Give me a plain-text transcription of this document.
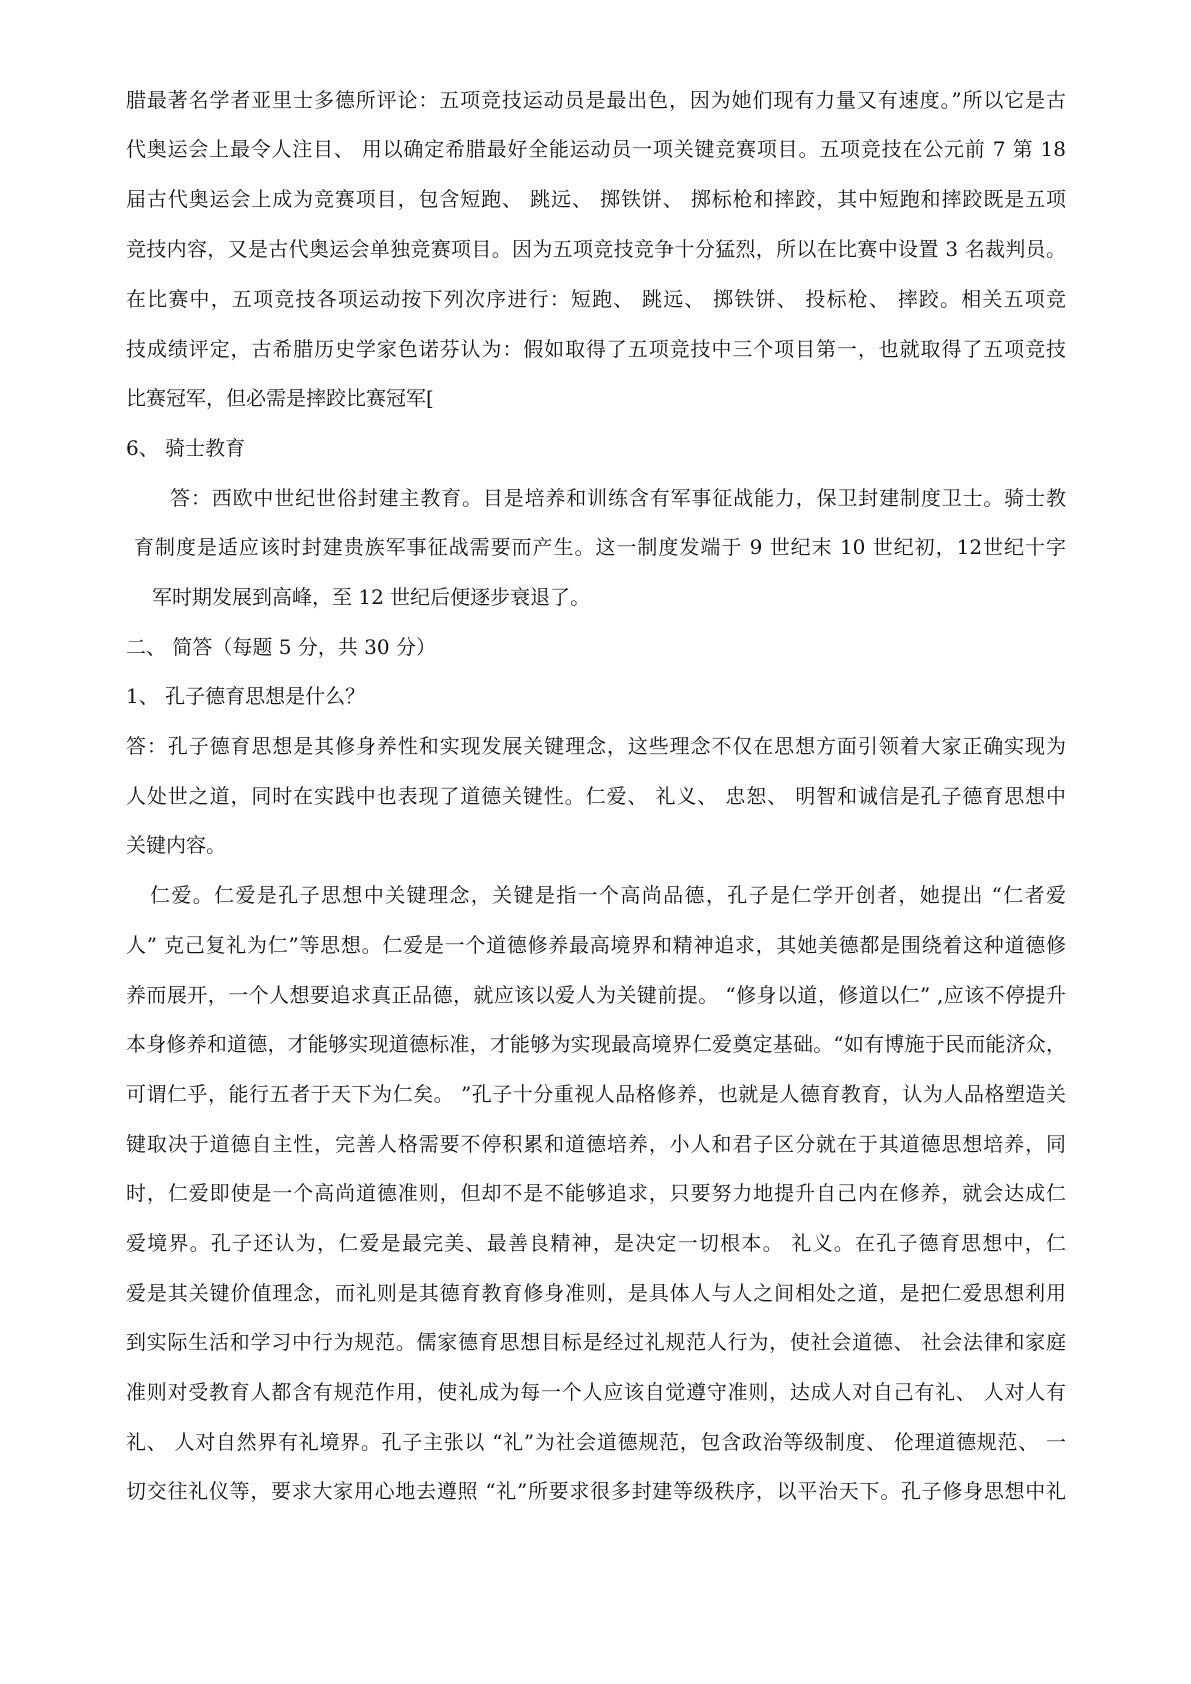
腊最著名学者亚里士多德所评论：五项竞技运动员是最出色，因为她们现有力量又有速度。”所以它是古
代奥运会上最令人注目、 用以确定希腊最好全能运动员一项关键竞赛项目。五项竞技在公元前 7 第 18
届古代奥运会上成为竞赛项目，包含短跑、 跳远、 掷铁饼、 掷标枪和摔跤，其中短跑和摔跤既是五项
竞技内容，又是古代奥运会单独竞赛项目。因为五项竞技竞争十分猛烈，所以在比赛中设置 3 名裁判员。
在比赛中，五项竞技各项运动按下列次序进行：短跑、 跳远、 掷铁饼、 投标枪、 摔跤。相关五项竞
技成绩评定，古希腊历史学家色诺芬认为：假如取得了五项竞技中三个项目第一，也就取得了五项竞技
比赛冠军，但必需是摔跤比赛冠军[
6、 骑士教育
答：西欧中世纪世俗封建主教育。目是培养和训练含有军事征战能力，保卫封建制度卫士。骑士教
育制度是适应该时封建贵族军事征战需要而产生。这一制度发端于 9 世纪末 10 世纪初，12世纪十字
军时期发展到高峰，至 12 世纪后便逐步衰退了。
二、 简答（每题 5 分，共 30 分）
1、 孔子德育思想是什么？
答：孔子德育思想是其修身养性和实现发展关键理念，这些理念不仅在思想方面引领着大家正确实现为
人处世之道，同时在实践中也表现了道德关键性。仁爱、 礼义、 忠恕、 明智和诚信是孔子德育思想中
关键内容。
仁爱。仁爱是孔子思想中关键理念，关键是指一个高尚品德，孔子是仁学开创者，她提出 “仁者爱
人” 克己复礼为仁”等思想。仁爱是一个道德修养最高境界和精神追求，其她美德都是围绕着这种道德修
养而展开，一个人想要追求真正品德，就应该以爱人为关键前提。 “修身以道，修道以仁” ,应该不停提升
本身修养和道德，才能够实现道德标准，才能够为实现最高境界仁爱奠定基础。“如有博施于民而能济众，
可谓仁乎，能行五者于天下为仁矣。 ”孔子十分重视人品格修养，也就是人德育教育，认为人品格塑造关
键取决于道德自主性，完善人格需要不停积累和道德培养，小人和君子区分就在于其道德思想培养，同
时，仁爱即使是一个高尚道德准则，但却不是不能够追求，只要努力地提升自己内在修养，就会达成仁
爱境界。孔子还认为，仁爱是最完美、最善良精神，是决定一切根本。 礼义。在孔子德育思想中，仁
爱是其关键价值理念，而礼则是其德育教育修身准则，是具体人与人之间相处之道，是把仁爱思想利用
到实际生活和学习中行为规范。儒家德育思想目标是经过礼规范人行为，使社会道德、 社会法律和家庭
准则对受教育人都含有规范作用，使礼成为每一个人应该自觉遵守准则，达成人对自己有礼、 人对人有
礼、 人对自然界有礼境界。孔子主张以 “礼”为社会道德规范，包含政治等级制度、 伦理道德规范、 一
切交往礼仪等，要求大家用心地去遵照 “礼”所要求很多封建等级秩序，以平治天下。孔子修身思想中礼
